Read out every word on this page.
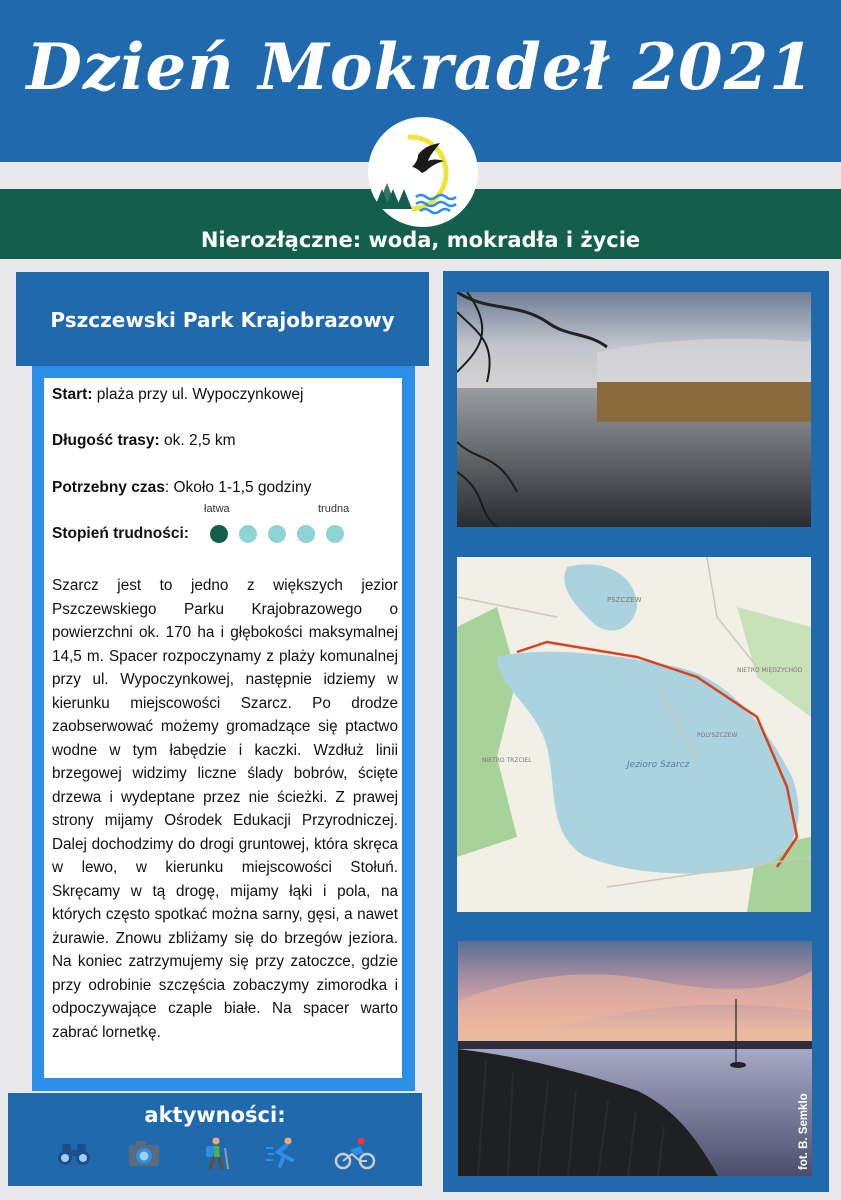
Dzień Mokradeł 2021
Nierozłączne: woda, mokradła i życie
Pszczewski Park Krajobrazowy
Start: plaża przy ul. Wypoczynkowej
Długość trasy: ok. 2,5 km
Potrzebny czas: Około 1-1,5 godziny
łatwa	trudna
Stopień trudności:
Szarcz jest to jedno z większych jezior Pszczewskiego Parku Krajobrazowego o powierzchni ok. 170 ha i głębokości maksymalnej 14,5 m. Spacer rozpoczynamy z plaży komunalnej przy ul. Wypoczynkowej, następnie idziemy w kierunku miejscowości Szarcz. Po drodze zaobserwować możemy gromadzące się ptactwo wodne w tym łabędzie i kaczki. Wzdłuż linii brzegowej widzimy liczne ślady bobrów, ścięte drzewa i wydeptane przez nie ścieżki. Z prawej strony mijamy Ośrodek Edukacji Przyrodniczej. Dalej dochodzimy do drogi gruntowej, która skręca w lewo, w kierunku miejscowości Stołuń. Skręcamy w tą drogę, mijamy łąki i pola, na których często spotkać można sarny, gęsi, a nawet żurawie. Znowu zbliżamy się do brzegów jeziora. Na koniec zatrzymujemy się przy zatoczce, gdzie przy odrobinie szczęścia zobaczymy zimorodka i odpoczywające czaple białe. Na spacer warto zabrać lornetkę.
aktywności:
Jezioro Szarcz
PSZCZEW
NIETRO MIĘDZYCHÓD
POLYSZCZEW
NIETRO TRZCIEL
fot. B. Semklo
